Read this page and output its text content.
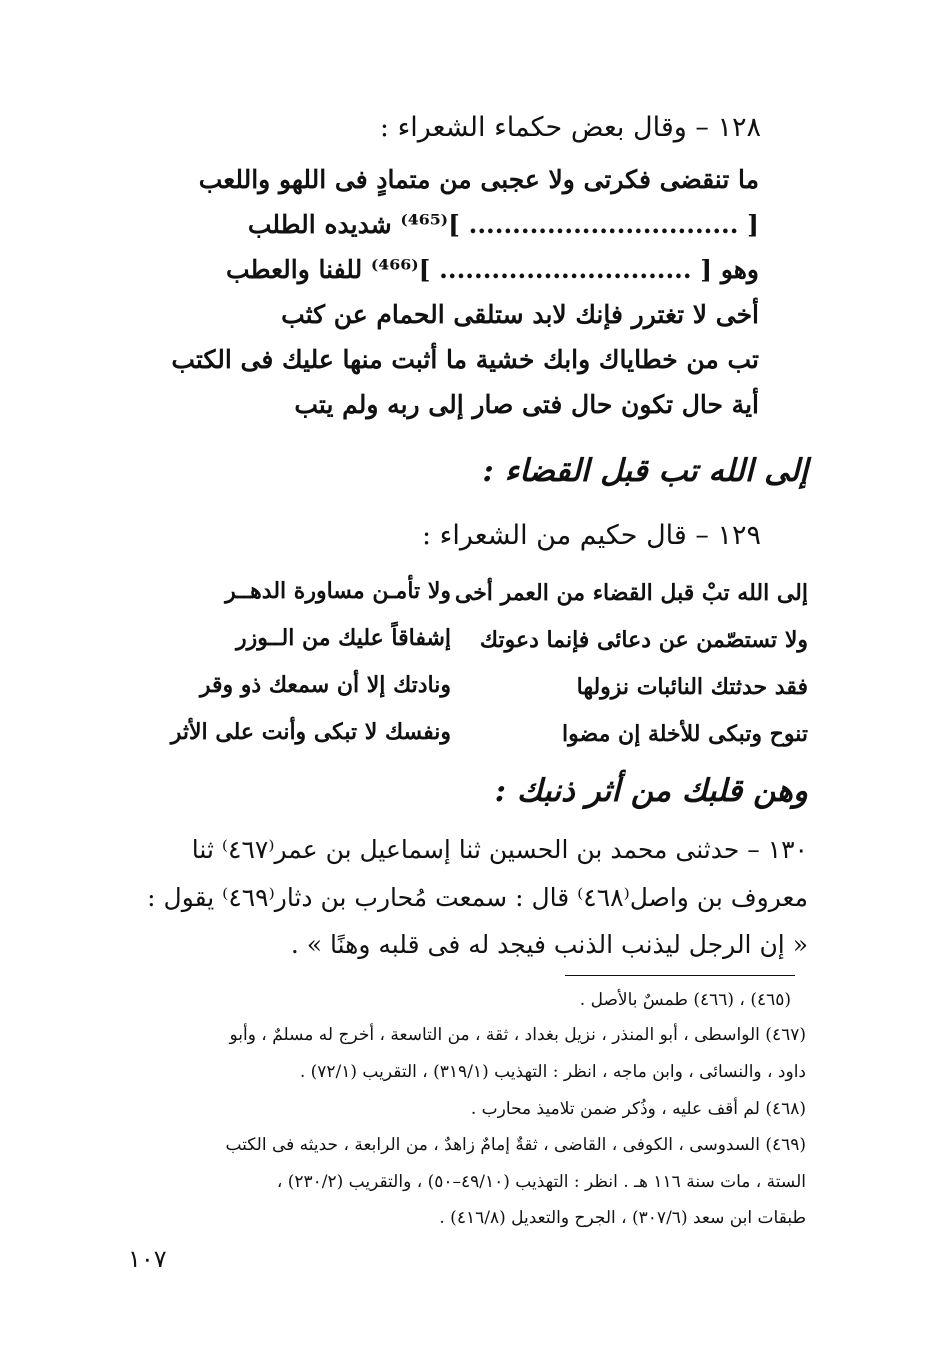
١٢٨ – وقال بعض حكماء الشعراء :
ما تنقضى فكرتى ولا عجبى من متمادٍ فى اللهو واللعب
[ ............................... ]⁽⁴⁶⁵⁾ شديده الطلب
وهو [ ............................. ]⁽⁴⁶⁶⁾ للفنا والعطب
أخى لا تغترر فإنك لابد ستلقى الحمام عن كثب
تب من خطاياك وابك خشية ما أثبت منها عليك فى الكتب
أية حال تكون حال فتى صار إلى ربه ولم يتب
إلى الله تب قبل القضاء :
١٢٩ – قال حكيم من الشعراء :
إلى الله تبْ قبل القضاء من العمر أخى
ولا تستصّمن عن دعائى فإنما دعوتك
فقد حدثتك النائبات نزولها
تنوح وتبكى للأخلة إن مضوا
ولا تأمـن مساورة الدهــر
إشفاقاً عليك من الــوزر
ونادتك إلا أن سمعك ذو وقر
ونفسك لا تبكى وأنت على الأثر
وهن قلبك من أثر ذنبك :
١٣٠ – حدثنى محمد بن الحسين ثنا إسماعيل بن عمر⁽٤٦٧⁾ ثنا
معروف بن واصل⁽٤٦٨⁾ قال : سمعت مُحارب بن دثار⁽٤٦٩⁾ يقول :
« إن الرجل ليذنب الذنب فيجد له فى قلبه وهنًا » .
(٤٦٥) ، (٤٦٦) طمسٌ بالأصل .
(٤٦٧) الواسطى ، أبو المنذر ، نزيل بغداد ، ثقة ، من التاسعة ، أخرج له مسلمٌ ، وأبو
داود ، والنسائى ، وابن ماجه ، انظر : التهذيب (٣١٩/١) ، التقريب (٧٢/١) .
(٤٦٨) لم أقف عليه ، وذُكر ضمن تلاميذ محارب .
(٤٦٩) السدوسى ، الكوفى ، القاضى ، ثقةٌ إمامٌ زاهدٌ ، من الرابعة ، حديثه فى الكتب
الستة ، مات سنة ١١٦ هـ . انظر : التهذيب (٤٩/١٠–٥٠) ، والتقريب (٢٣٠/٢) ،
طبقات ابن سعد (٣٠٧/٦) ، الجرح والتعديل (٤١٦/٨) .
١٠٧
